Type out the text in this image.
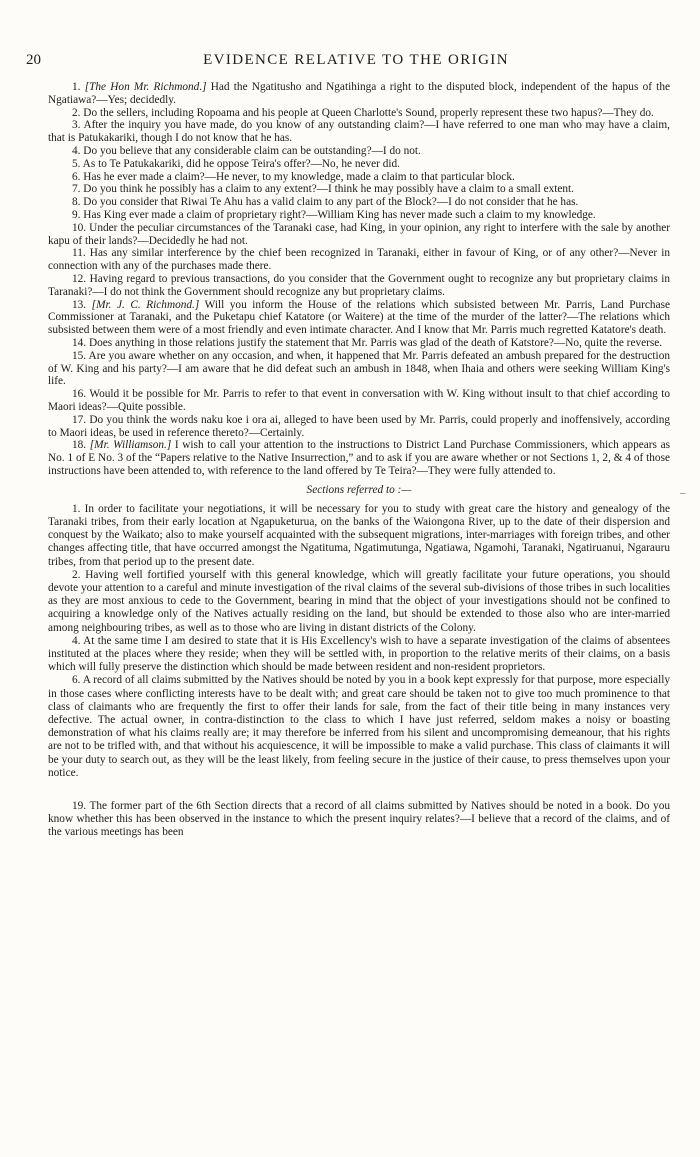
20	EVIDENCE RELATIVE TO THE ORIGIN
–

1. [The Hon Mr. Richmond.] Had the Ngatitusho and Ngatihinga a right to the disputed block, independent of the hapus of the Ngatiawa?—Yes; decidedly.

2. Do the sellers, including Ropoama and his people at Queen Charlotte's Sound, properly represent these two hapus?—They do.

3. After the inquiry you have made, do you know of any outstanding claim?—I have referred to one man who may have a claim, that is Patukakariki, though I do not know that he has.

4. Do you believe that any considerable claim can be outstanding?—I do not.

5. As to Te Patukakariki, did he oppose Teira's offer?—No, he never did.

6. Has he ever made a claim?—He never, to my knowledge, made a claim to that particular block.

7. Do you think he possibly has a claim to any extent?—I think he may possibly have a claim to a small extent.

8. Do you consider that Riwai Te Ahu has a valid claim to any part of the Block?—I do not consider that he has.

9. Has King ever made a claim of proprietary right?—William King has never made such a claim to my knowledge.

10. Under the peculiar circumstances of the Taranaki case, had King, in your opinion, any right to interfere with the sale by another kapu of their lands?—Decidedly he had not.

11. Has any similar interference by the chief been recognized in Taranaki, either in favour of King, or of any other?—Never in connection with any of the purchases made there.

12. Having regard to previous transactions, do you consider that the Government ought to recognize any but proprietary claims in Taranaki?—I do not think the Government should recognize any but proprietary claims.

13. [Mr. J. C. Richmond.] Will you inform the House of the relations which subsisted between Mr. Parris, Land Purchase Commissioner at Taranaki, and the Puketapu chief Katatore (or Waitere) at the time of the murder of the latter?—The relations which subsisted between them were of a most friendly and even intimate character. And I know that Mr. Parris much regretted Katatore's death.

14. Does anything in those relations justify the statement that Mr. Parris was glad of the death of Katstore?—No, quite the reverse.

15. Are you aware whether on any occasion, and when, it happened that Mr. Parris defeated an ambush prepared for the destruction of W. King and his party?—I am aware that he did defeat such an ambush in 1848, when Ihaia and others were seeking William King's life.

16. Would it be possible for Mr. Parris to refer to that event in conversation with W. King without insult to that chief according to Maori ideas?—Quite possible.

17. Do you think the words naku koe i ora ai, alleged to have been used by Mr. Parris, could properly and inoffensively, according to Maori ideas, be used in reference thereto?—Certainly.

18. [Mr. Williamson.] I wish to call your attention to the instructions to District Land Purchase Commissioners, which appears as No. 1 of E No. 3 of the “Papers relative to the Native Insurrection,” and to ask if you are aware whether or not Sections 1, 2, & 4 of those instructions have been attended to, with reference to the land offered by Te Teira?—They were fully attended to.

Sections referred to :—

1. In order to facilitate your negotiations, it will be necessary for you to study with great care the history and genealogy of the Taranaki tribes, from their early location at Ngapuketurua, on the banks of the Waiongona River, up to the date of their dispersion and conquest by the Waikato; also to make yourself acquainted with the subsequent migrations, inter-marriages with foreign tribes, and other changes affecting title, that have occurred amongst the Ngatituma, Ngatimutunga, Ngatiawa, Ngamohi, Taranaki, Ngatiruanui, Ngarauru tribes, from that period up to the present date.

2. Having well fortified yourself with this general knowledge, which will greatly facilitate your future operations, you should devote your attention to a careful and minute investigation of the rival claims of the several sub-divisions of those tribes in such localities as they are most anxious to cede to the Government, bearing in mind that the object of your investigations should not be confined to acquiring a knowledge only of the Natives actually residing on the land, but should be extended to those also who are inter-married among neighbouring tribes, as well as to those who are living in distant districts of the Colony.

4. At the same time I am desired to state that it is His Excellency's wish to have a separate investigation of the claims of absentees instituted at the places where they reside; when they will be settled with, in proportion to the relative merits of their claims, on a basis which will fully preserve the distinction which should be made between resident and non-resident proprietors.

6. A record of all claims submitted by the Natives should be noted by you in a book kept expressly for that purpose, more especially in those cases where conflicting interests have to be dealt with; and great care should be taken not to give too much prominence to that class of claimants who are frequently the first to offer their lands for sale, from the fact of their title being in many instances very defective. The actual owner, in contra-distinction to the class to which I have just referred, seldom makes a noisy or boasting demonstration of what his claims really are; it may therefore be inferred from his silent and uncompromising demeanour, that his rights are not to be trifled with, and that without his acquiescence, it will be impossible to make a valid purchase. This class of claimants it will be your duty to search out, as they will be the least likely, from feeling secure in the justice of their cause, to press themselves upon your notice.

19. The former part of the 6th Section directs that a record of all claims submitted by Natives should be noted in a book. Do you know whether this has been observed in the instance to which the present inquiry relates?—I believe that a record of the claims, and of the various meetings has been
